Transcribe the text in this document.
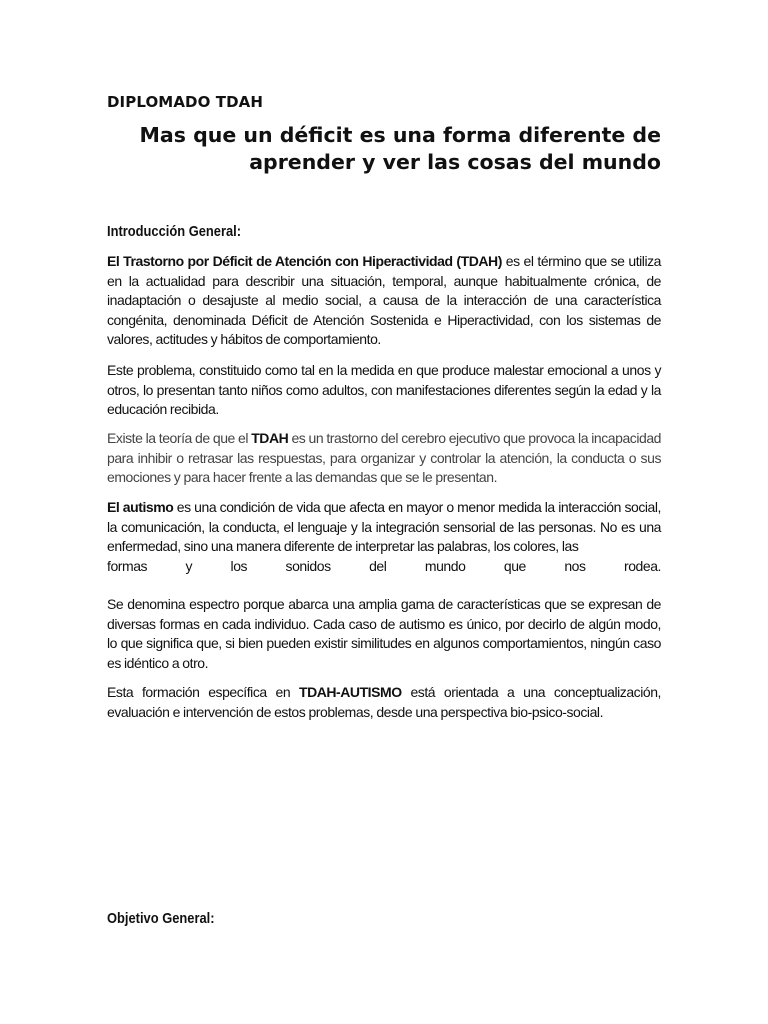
DIPLOMADO TDAH
Mas que un déficit es una forma diferente de
aprender y ver las cosas del mundo
Introducción General:
El Trastorno por Déficit de Atención con Hiperactividad (TDAH) es el término que se utiliza en la actualidad para describir una situación, temporal, aunque habitualmente crónica, de inadaptación o desajuste al medio social, a causa de la interacción de una característica congénita, denominada Déficit de Atención Sostenida e Hiperactividad, con los sistemas de valores, actitudes y hábitos de comportamiento.
Este problema, constituido como tal en la medida en que produce malestar emocional a unos y otros, lo presentan tanto niños como adultos, con manifestaciones diferentes según la edad y la educación recibida.
Existe la teoría de que el TDAH es un trastorno del cerebro ejecutivo que provoca la incapacidad para inhibir o retrasar las respuestas, para organizar y controlar la atención, la conducta o sus emociones y para hacer frente a las demandas que se le presentan.
El autismo es una condición de vida que afecta en mayor o menor medida la interacción social, la comunicación, la conducta, el lenguaje y la integración sensorial de las personas. No es una enfermedad, sino una manera diferente de interpretar las palabras, los colores, las
formas y los sonidos del mundo que nos rodea.
Se denomina espectro porque abarca una amplia gama de características que se expresan de diversas formas en cada individuo. Cada caso de autismo es único, por decirlo de algún modo, lo que significa que, si bien pueden existir similitudes en algunos comportamientos, ningún caso es idéntico a otro.
Esta formación específica en TDAH-AUTISMO está orientada a una conceptualización, evaluación e intervención de estos problemas, desde una perspectiva bio-psico-social.
Objetivo General:
